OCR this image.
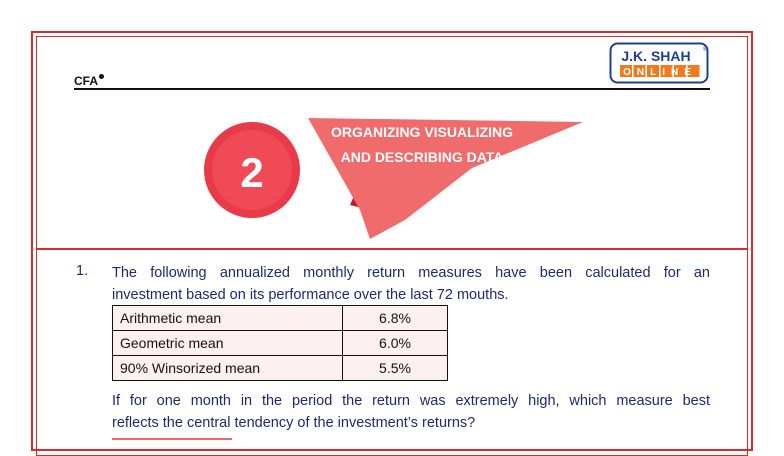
CFA
J.K. SHAH ®
ONLINE
2
ORGANIZING VISUALIZING
AND DESCRIBING DATA
1. The following annualized monthly return measures have been calculated for an
investment based on its performance over the last 72 mouths.
Arithmetic mean	6.8%
Geometric mean	6.0%
90% Winsorized mean	5.5%
If for one month in the period the return was extremely high, which measure best
reflects the central tendency of the investment’s returns?
